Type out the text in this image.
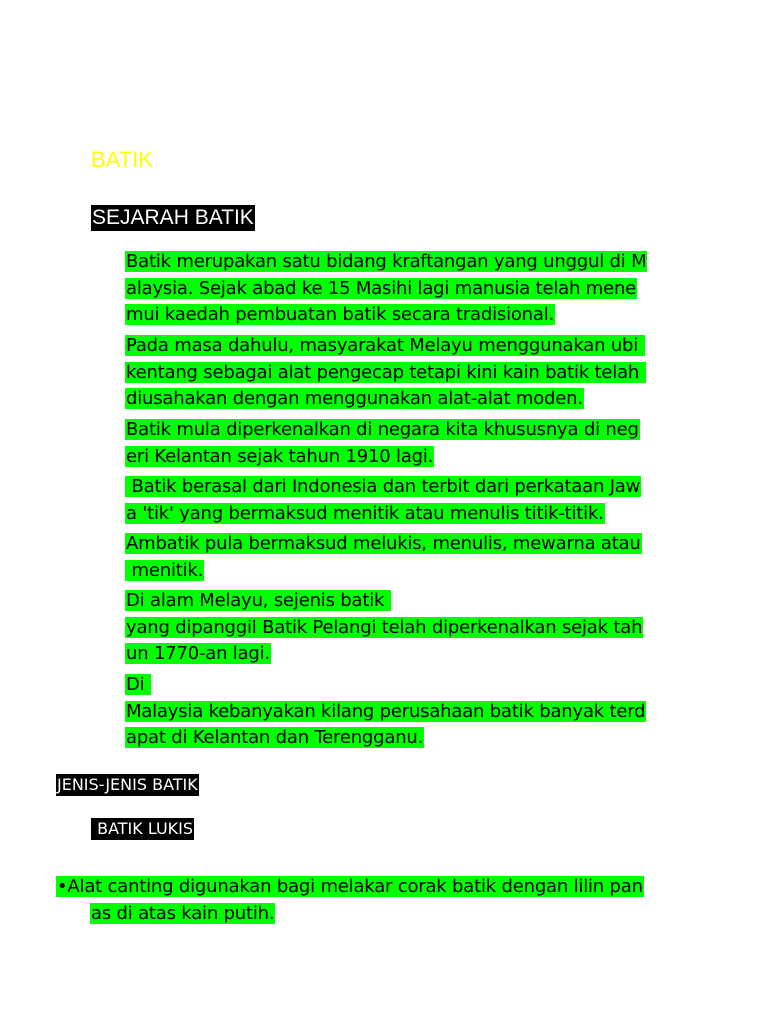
BATIK
SEJARAH BATIK
Batik merupakan satu bidang kraftangan yang unggul di M
alaysia. Sejak abad ke 15 Masihi lagi manusia telah mene
mui kaedah pembuatan batik secara tradisional.
Pada masa dahulu, masyarakat Melayu menggunakan ubi
kentang sebagai alat pengecap tetapi kini kain batik telah
diusahakan dengan menggunakan alat-alat moden.
Batik mula diperkenalkan di negara kita khususnya di neg
eri Kelantan sejak tahun 1910 lagi.
Batik berasal dari Indonesia dan terbit dari perkataan Jaw
a 'tik' yang bermaksud menitik atau menulis titik-titik.
Ambatik pula bermaksud melukis, menulis, mewarna atau
menitik.
Di alam Melayu, sejenis batik
yang dipanggil Batik Pelangi telah diperkenalkan sejak tah
un 1770-an lagi.
Di
Malaysia kebanyakan kilang perusahaan batik banyak terd
apat di Kelantan dan Terengganu.
JENIS-JENIS BATIK
BATIK LUKIS
•Alat canting digunakan bagi melakar corak batik dengan lilin pan
as di atas kain putih.
